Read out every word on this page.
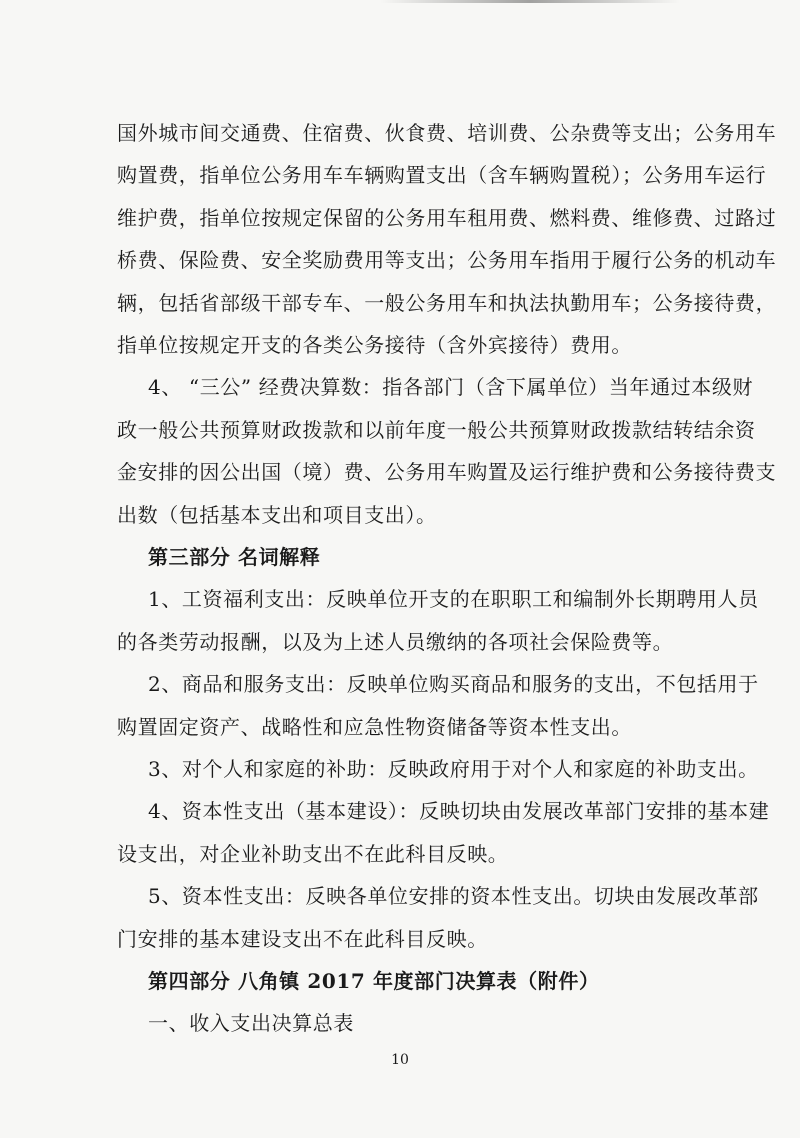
国外城市间交通费、住宿费、伙食费、培训费、公杂费等支出；公务用车
购置费，指单位公务用车车辆购置支出（含车辆购置税）；公务用车运行
维护费，指单位按规定保留的公务用车租用费、燃料费、维修费、过路过
桥费、保险费、安全奖励费用等支出；公务用车指用于履行公务的机动车
辆，包括省部级干部专车、一般公务用车和执法执勤用车；公务接待费，
指单位按规定开支的各类公务接待（含外宾接待）费用。
4、 “三公” 经费决算数：指各部门（含下属单位）当年通过本级财
政一般公共预算财政拨款和以前年度一般公共预算财政拨款结转结余资
金安排的因公出国（境）费、公务用车购置及运行维护费和公务接待费支
出数（包括基本支出和项目支出）。
第三部分 名词解释
1、工资福利支出：反映单位开支的在职职工和编制外长期聘用人员
的各类劳动报酬，以及为上述人员缴纳的各项社会保险费等。
2、商品和服务支出：反映单位购买商品和服务的支出，不包括用于
购置固定资产、战略性和应急性物资储备等资本性支出。
3、对个人和家庭的补助：反映政府用于对个人和家庭的补助支出。
4、资本性支出（基本建设）：反映切块由发展改革部门安排的基本建
设支出，对企业补助支出不在此科目反映。
5、资本性支出：反映各单位安排的资本性支出。切块由发展改革部
门安排的基本建设支出不在此科目反映。
第四部分 八角镇 2017 年度部门决算表（附件）
一、收入支出决算总表
10
